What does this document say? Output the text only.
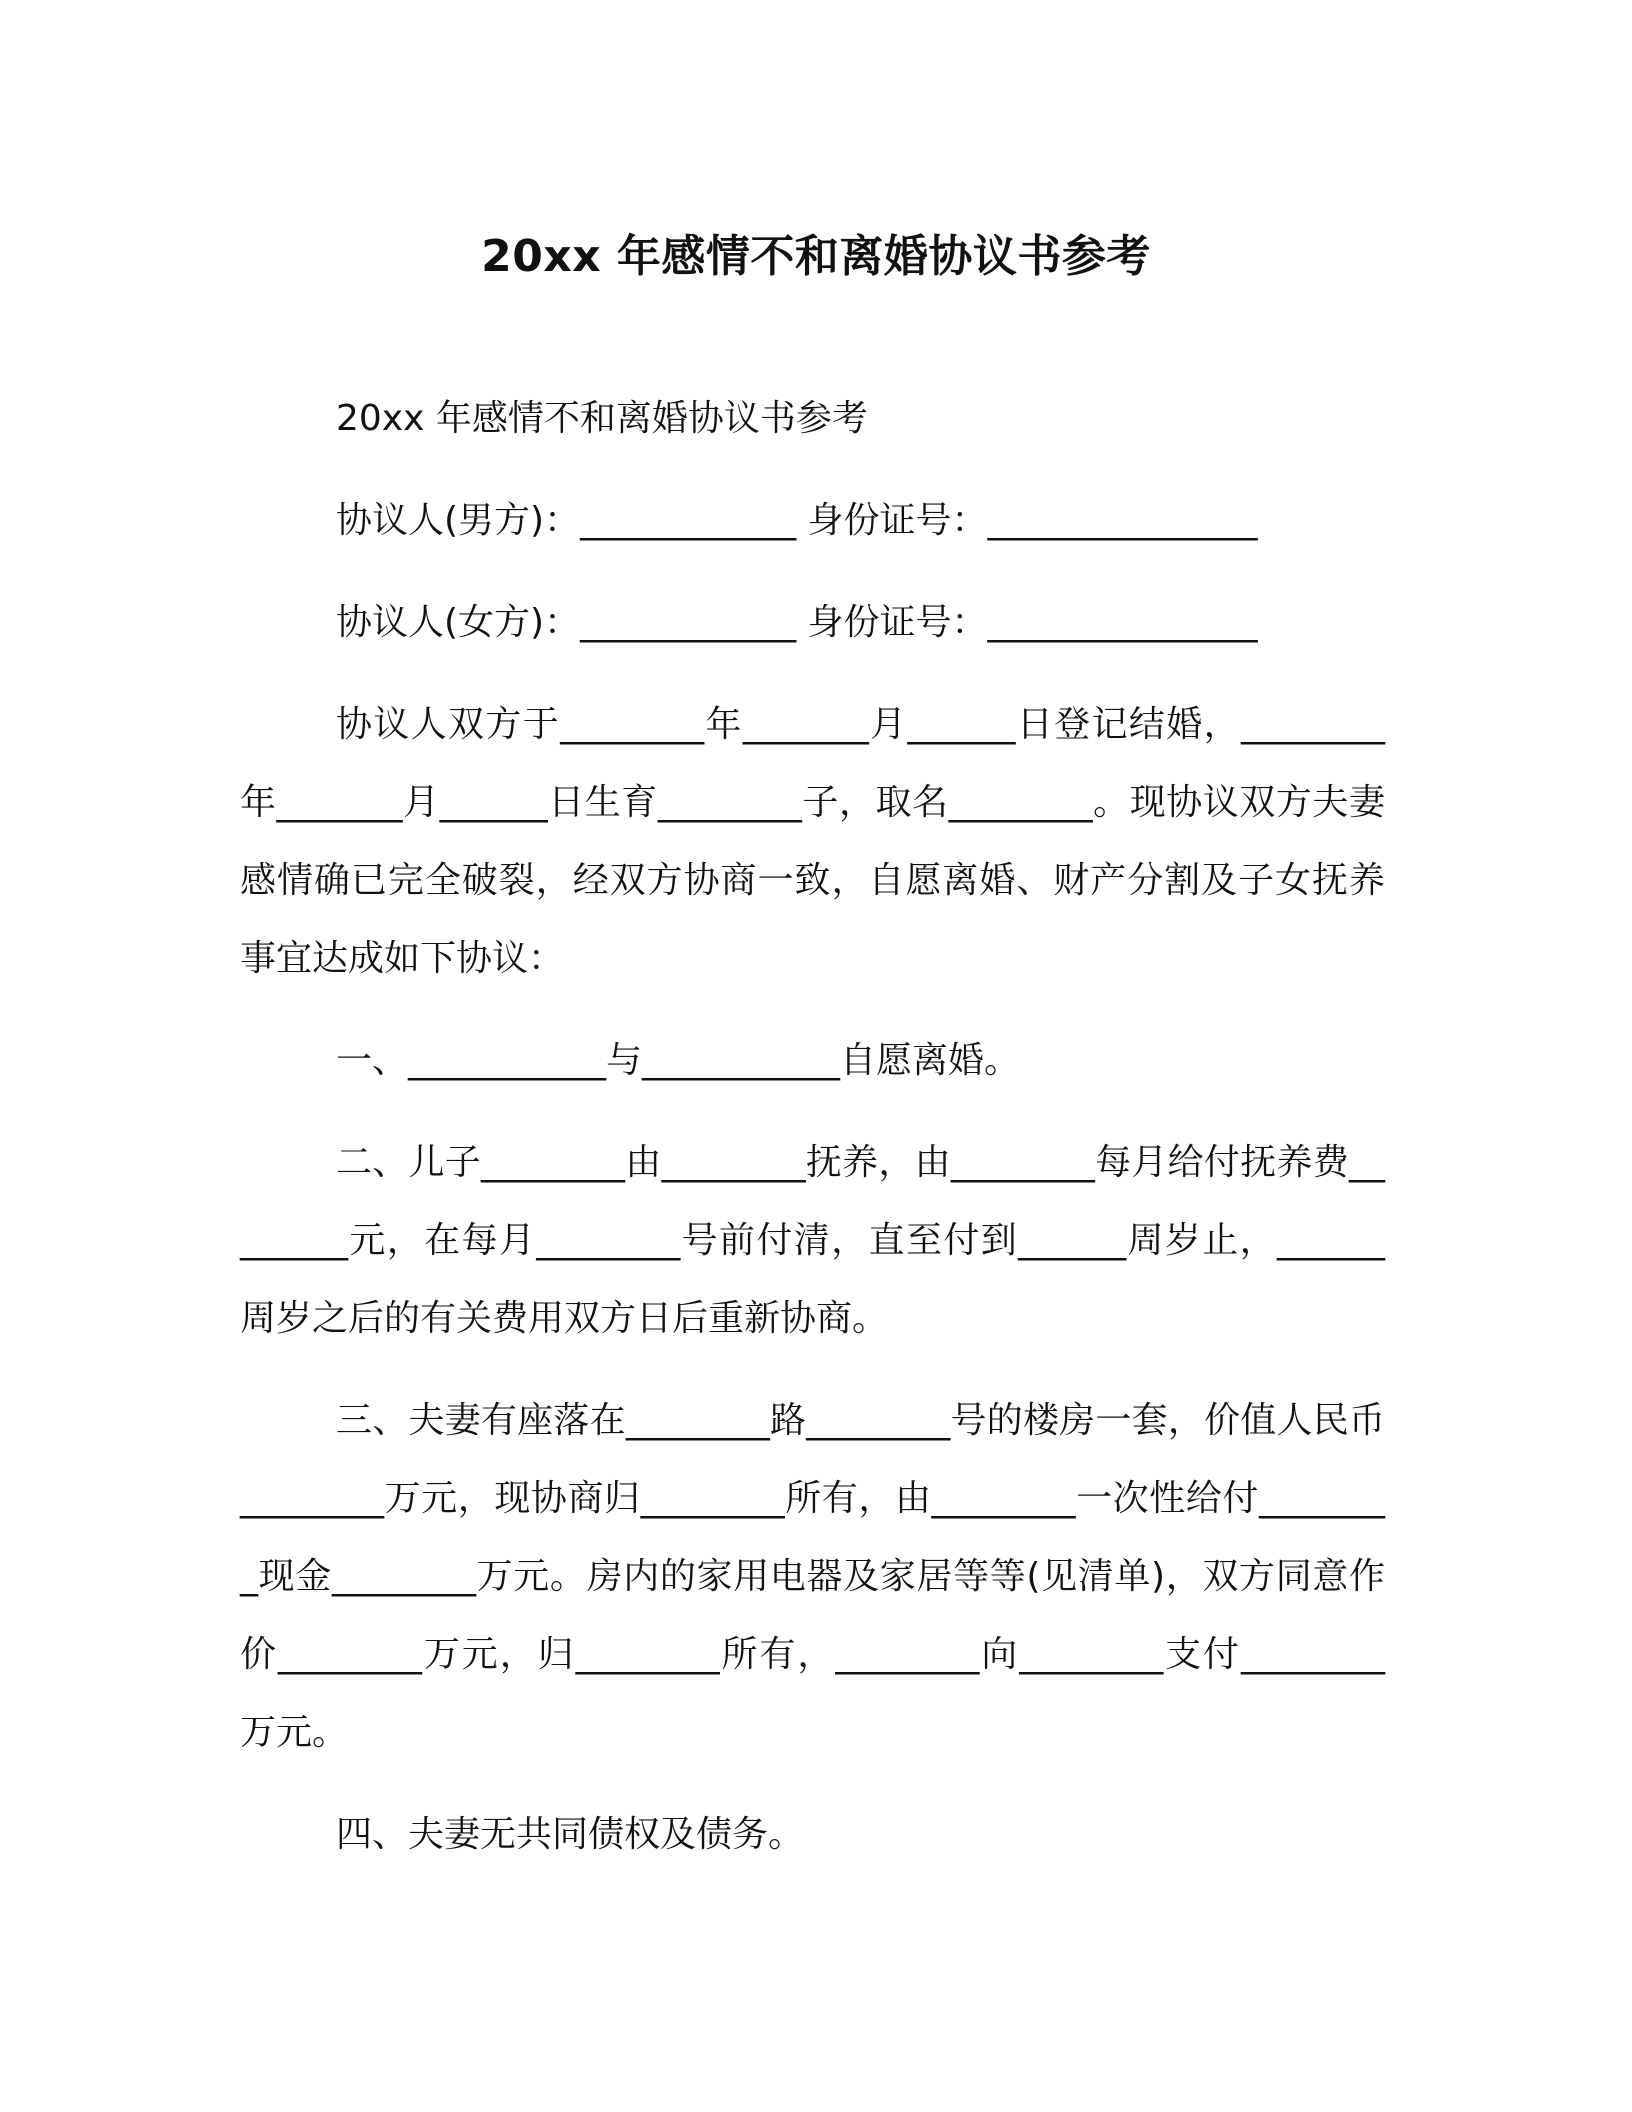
20xx 年感情不和离婚协议书参考

20xx 年感情不和离婚协议书参考

协议人(男方)：____________ 身份证号：_______________

协议人(女方)：____________ 身份证号：_______________

协议人双方于________年_______月______日登记结婚，________年_______月______日生育________子，取名________。现协议双方夫妻感情确已完全破裂，经双方协商一致，自愿离婚、财产分割及子女抚养事宜达成如下协议：

一、___________与___________自愿离婚。

二、儿子________由________抚养，由________每月给付抚养费________元，在每月________号前付清，直至付到______周岁止，______周岁之后的有关费用双方日后重新协商。

三、夫妻有座落在________路________号的楼房一套，价值人民币________万元，现协商归________所有，由________一次性给付________现金________万元。房内的家用电器及家居等等(见清单)，双方同意作价________万元，归________所有，________向________支付________万元。

四、夫妻无共同债权及债务。
